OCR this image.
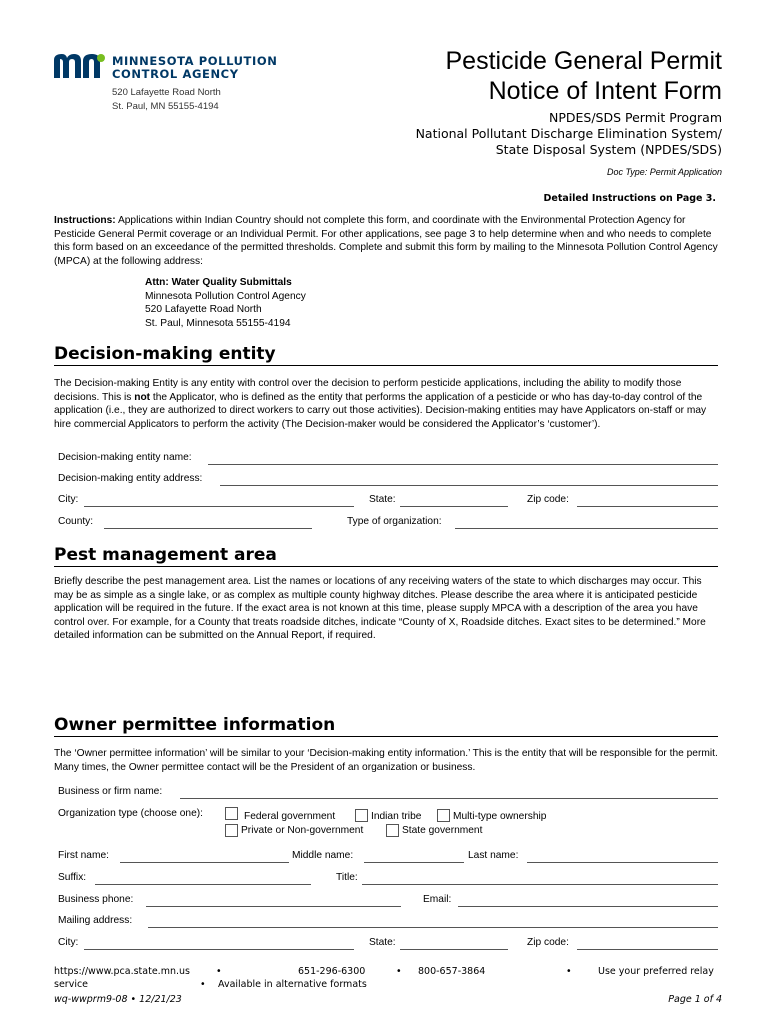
MINNESOTA POLLUTION
CONTROL AGENCY
520 Lafayette Road North
St. Paul, MN 55155-4194
Pesticide General Permit
Notice of Intent Form
NPDES/SDS Permit Program
National Pollutant Discharge Elimination System/
State Disposal System (NPDES/SDS)
Doc Type: Permit Application
Detailed Instructions on Page 3.
Instructions: Applications within Indian Country should not complete this form, and coordinate with the Environmental Protection Agency for Pesticide General Permit coverage or an Individual Permit. For other applications, see page 3 to help determine when and who needs to complete this form based on an exceedance of the permitted thresholds. Complete and submit this form by mailing to the Minnesota Pollution Control Agency (MPCA) at the following address:
Attn: Water Quality Submittals
Minnesota Pollution Control Agency
520 Lafayette Road North
St. Paul, Minnesota 55155-4194
Decision-making entity
The Decision-making Entity is any entity with control over the decision to perform pesticide applications, including the ability to modify those decisions. This is not the Applicator, who is defined as the entity that performs the application of a pesticide or who has day-to-day control of the application (i.e., they are authorized to direct workers to carry out those activities). Decision-making entities may have Applicators on-staff or may hire commercial Applicators to perform the activity (The Decision-maker would be considered the Applicator’s ‘customer’).
Decision-making entity name:
Decision-making entity address:
City:	State:	Zip code:
County:	Type of organization:
Pest management area
Briefly describe the pest management area. List the names or locations of any receiving waters of the state to which discharges may occur. This may be as simple as a single lake, or as complex as multiple county highway ditches. Please describe the area where it is anticipated pesticide application will be required in the future. If the exact area is not known at this time, please supply MPCA with a description of the area you have control over. For example, for a County that treats roadside ditches, indicate “County of X, Roadside ditches. Exact sites to be determined.” More detailed information can be submitted on the Annual Report, if required.
Owner permittee information
The ‘Owner permittee information’ will be similar to your ‘Decision-making entity information.’ This is the entity that will be responsible for the permit. Many times, the Owner permittee contact will be the President of an organization or business.
Business or firm name:
Organization type (choose one):	Federal government	Indian tribe	Multi-type ownership
Private or Non-government	State government
First name:	Middle name:	Last name:
Suffix:	Title:
Business phone:	Email:
Mailing address:
City:	State:	Zip code:
https://www.pca.state.mn.us	•	651-296-6300	• 800-657-3864	•	Use your preferred relay
service	• Available in alternative formats
wq-wwprm9-08 • 12/21/23	Page 1 of 4
